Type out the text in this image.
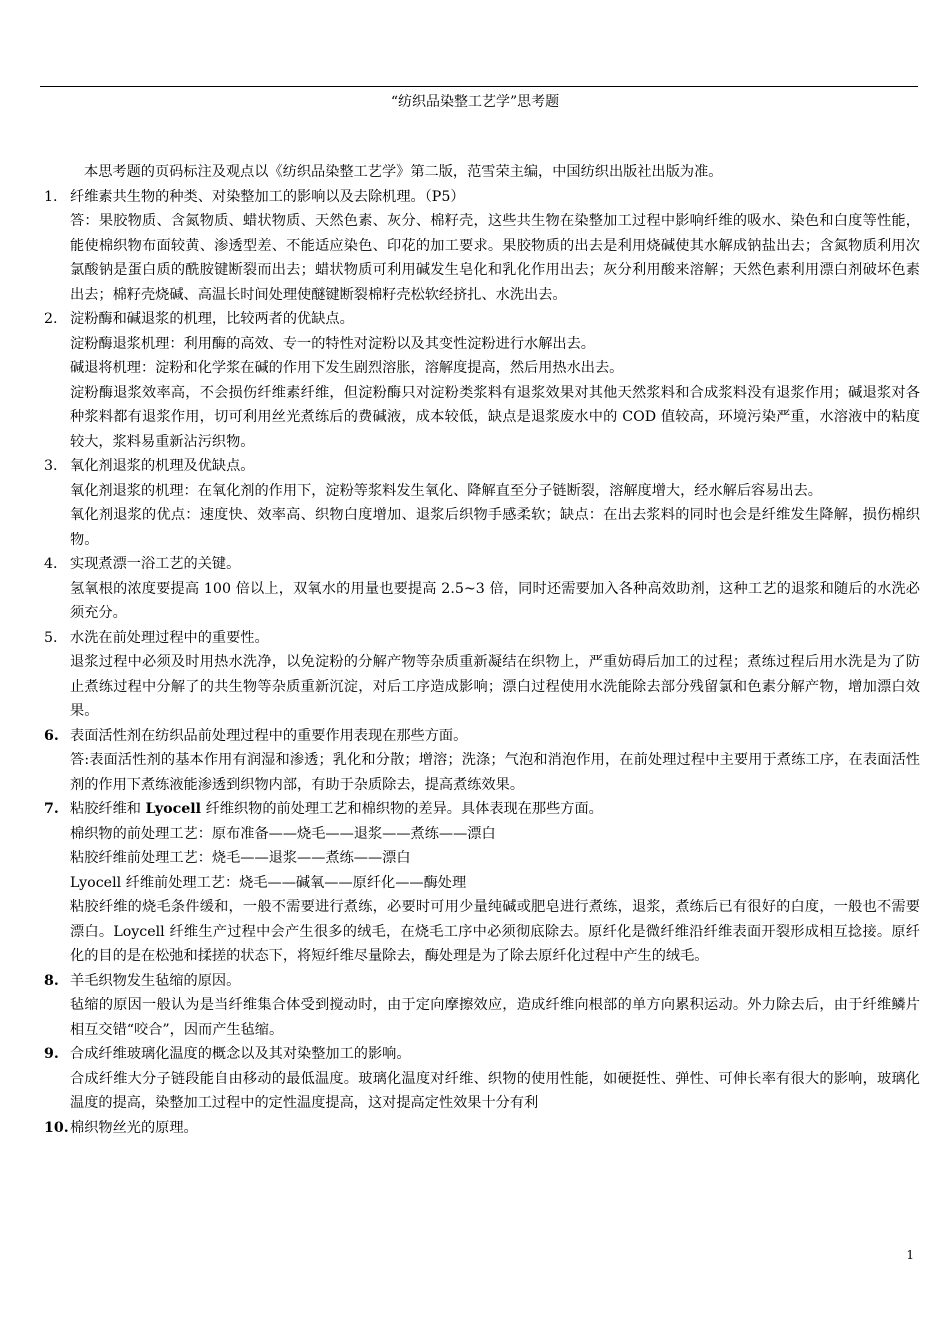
“纺织品染整工艺学”思考题
本思考题的页码标注及观点以《纺织品染整工艺学》第二版，范雪荣主编，中国纺织出版社出版为准。
1. 纤维素共生物的种类、对染整加工的影响以及去除机理。（P5）
答：果胶物质、含氮物质、蜡状物质、天然色素、灰分、棉籽壳，这些共生物在染整加工过程中影响纤维的吸水、染色和白度等性能，能使棉织物布面较黄、渗透型差、不能适应染色、印花的加工要求。果胶物质的出去是利用烧碱使其水解成钠盐出去；含氮物质利用次氯酸钠是蛋白质的酰胺键断裂而出去；蜡状物质可利用碱发生皂化和乳化作用出去；灰分利用酸来溶解；天然色素利用漂白剂破坏色素出去；棉籽壳烧碱、高温长时间处理使醚键断裂棉籽壳松软经挤扎、水洗出去。
2. 淀粉酶和碱退浆的机理，比较两者的优缺点。
淀粉酶退浆机理：利用酶的高效、专一的特性对淀粉以及其变性淀粉进行水解出去。
碱退将机理：淀粉和化学浆在碱的作用下发生剧烈溶胀，溶解度提高，然后用热水出去。
淀粉酶退浆效率高，不会损伤纤维素纤维，但淀粉酶只对淀粉类浆料有退浆效果对其他天然浆料和合成浆料没有退浆作用；碱退浆对各种浆料都有退浆作用，切可利用丝光煮练后的费碱液，成本较低，缺点是退浆废水中的 COD 值较高，环境污染严重，水溶液中的粘度较大，浆料易重新沾污织物。
3. 氧化剂退浆的机理及优缺点。
氧化剂退浆的机理：在氧化剂的作用下，淀粉等浆料发生氧化、降解直至分子链断裂，溶解度增大，经水解后容易出去。
氧化剂退浆的优点：速度快、效率高、织物白度增加、退浆后织物手感柔软；缺点：在出去浆料的同时也会是纤维发生降解，损伤棉织物。
4. 实现煮漂一浴工艺的关键。
氢氧根的浓度要提高 100 倍以上，双氧水的用量也要提高 2.5~3 倍，同时还需要加入各种高效助剂，这种工艺的退浆和随后的水洗必须充分。
5. 水洗在前处理过程中的重要性。
退浆过程中必须及时用热水洗净，以免淀粉的分解产物等杂质重新凝结在织物上，严重妨碍后加工的过程；煮练过程后用水洗是为了防止煮练过程中分解了的共生物等杂质重新沉淀，对后工序造成影响；漂白过程使用水洗能除去部分残留氯和色素分解产物，增加漂白效果。
6. 表面活性剂在纺织品前处理过程中的重要作用表现在那些方面。
答:表面活性剂的基本作用有润湿和渗透；乳化和分散；增溶；洗涤；气泡和消泡作用，在前处理过程中主要用于煮练工序，在表面活性剂的作用下煮练液能渗透到织物内部，有助于杂质除去，提高煮练效果。
7. 粘胶纤维和 Lyocell 纤维织物的前处理工艺和棉织物的差异。具体表现在那些方面。
棉织物的前处理工艺：原布准备——烧毛——退浆——煮练——漂白
粘胶纤维前处理工艺：烧毛——退浆——煮练——漂白
Lyocell 纤维前处理工艺：烧毛——碱氧——原纤化——酶处理
粘胶纤维的烧毛条件缓和，一般不需要进行煮练，必要时可用少量纯碱或肥皂进行煮练，退浆，煮练后已有很好的白度，一般也不需要漂白。Loycell 纤维生产过程中会产生很多的绒毛，在烧毛工序中必须彻底除去。原纤化是微纤维沿纤维表面开裂形成相互捻接。原纤化的目的是在松弛和揉搓的状态下，将短纤维尽量除去，酶处理是为了除去原纤化过程中产生的绒毛。
8. 羊毛织物发生毡缩的原因。
毡缩的原因一般认为是当纤维集合体受到搅动时，由于定向摩擦效应，造成纤维向根部的单方向累积运动。外力除去后，由于纤维鳞片相互交错“咬合”，因而产生毡缩。
9. 合成纤维玻璃化温度的概念以及其对染整加工的影响。
合成纤维大分子链段能自由移动的最低温度。玻璃化温度对纤维、织物的使用性能，如硬挺性、弹性、可伸长率有很大的影响，玻璃化温度的提高，染整加工过程中的定性温度提高，这对提高定性效果十分有利
10. 棉织物丝光的原理。
1
